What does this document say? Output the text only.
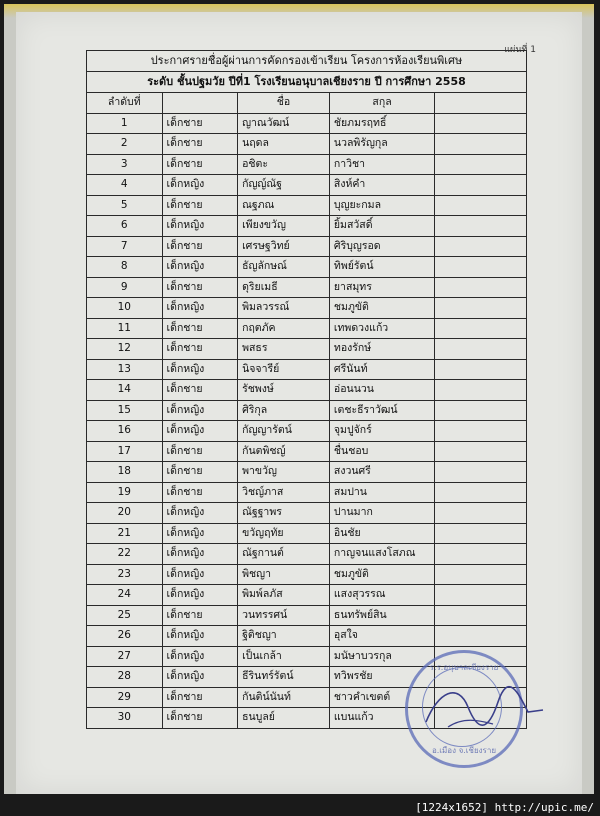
แผ่นที่ 1
ประกาศรายชื่อผู้ผ่านการคัดกรองเข้าเรียน โครงการห้องเรียนพิเศษ				
ระดับ ชั้นปฐมวัย ปีที่1 โรงเรียนอนุบาลเชียงราย ปี การศึกษา 2558				
ลำดับที่		ชื่อ	สกุล	
1	เด็กชาย	ญาณวัฒน์	ชัยภมรฤทธิ์	
2	เด็กชาย	นฤดล	นวลพิรัญกุล	
3	เด็กชาย	อชิตะ	กาวิชา	
4	เด็กหญิง	กัญญ์ณัฐ	สิงห์คำ	
5	เด็กชาย	ณฐภณ	บุญยะกมล	
6	เด็กหญิง	เพียงขวัญ	ยิ้มสวัสดิ์	
7	เด็กชาย	เศรษฐวิทย์	ศิริบุญรอด	
8	เด็กหญิง	ธัญลักษณ์	ทิพย์รัตน์	
9	เด็กชาย	ดุริยเมธี	ยาสมุทร	
10	เด็กหญิง	พิมลวรรณ์	ชมภูขัติ	
11	เด็กชาย	กฤตภัค	เทพดวงแก้ว	
12	เด็กชาย	พสธร	ทองรักษ์	
13	เด็กหญิง	นิจจารีย์	ศรีนันท์	
14	เด็กชาย	รัชพงษ์	อ่อนนวน	
15	เด็กหญิง	ศิริกุล	เตชะธีราวัฒน์	
16	เด็กหญิง	กัญญารัตน์	จุมปูจักร์	
17	เด็กชาย	กันตพิชญ์	ชื่นชอบ	
18	เด็กชาย	พาขวัญ	สงวนศรี	
19	เด็กชาย	วิชญ์ภาส	สมปาน	
20	เด็กหญิง	ณัฐฐาพร	ปานมาก	
21	เด็กหญิง	ขวัญฤทัย	อินชัย	
22	เด็กหญิง	ณัฐกานต์	กาญจนแสงโสภณ	
23	เด็กหญิง	พิชญา	ชมภูขัติ	
24	เด็กหญิง	พิมพ์ลภัส	แสงสุวรรณ	
25	เด็กชาย	วนทรรศน์	ธนทรัพย์สิน	
26	เด็กหญิง	ฐิติชญา	อุสใจ	
27	เด็กหญิง	เป็นเกล้า	มนัษาบวรกุล	
28	เด็กหญิง	ธีรินทร์รัตน์	ทวิพรชัย	
29	เด็กชาย	กันติน์นันท์	ชาวคำเขตต์	
30	เด็กชาย	ธนบูลย์	แบนแก้ว	
ร.ร.อนุบาลเชียงราย
อ.เมือง จ.เชียงราย
[1224x1652] http://upic.me/
